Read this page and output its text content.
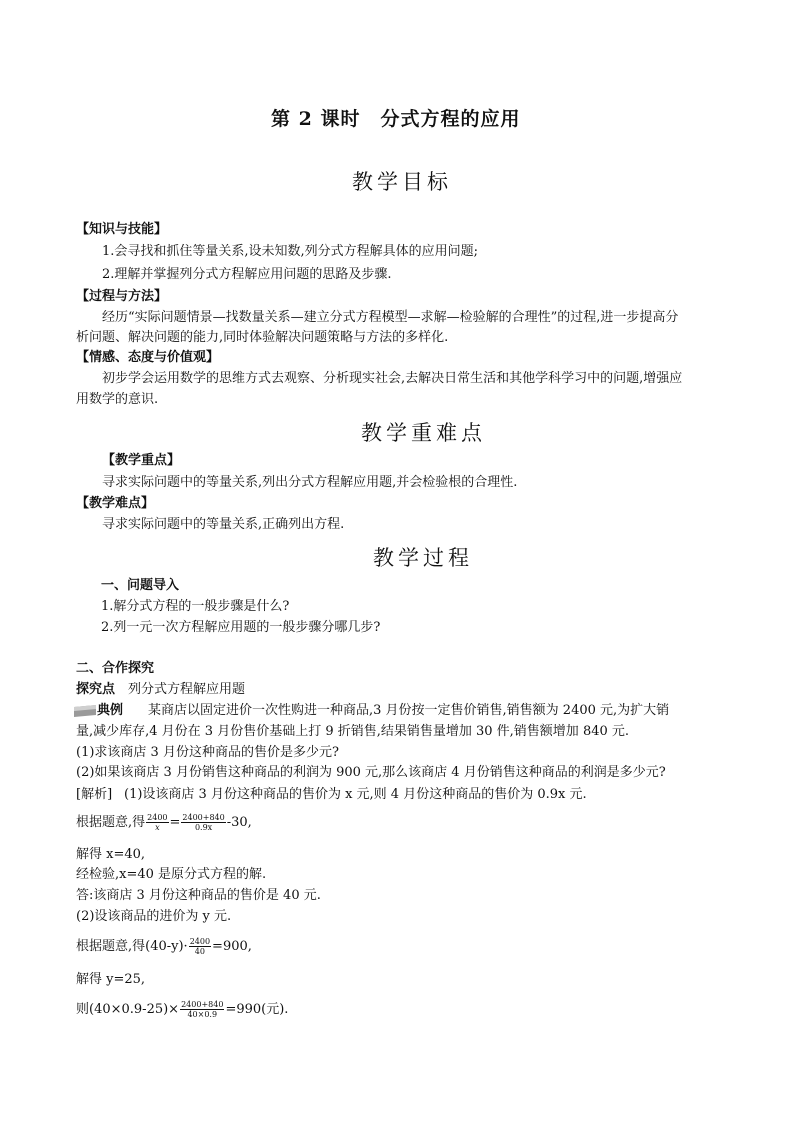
第 2 课时　分式方程的应用
教学目标
【知识与技能】
1.会寻找和抓住等量关系,设未知数,列分式方程解具体的应用问题;
2.理解并掌握列分式方程解应用问题的思路及步骤.
【过程与方法】
经历“实际问题情景—找数量关系—建立分式方程模型—求解—检验解的合理性”的过程,进一步提高分
析问题、解决问题的能力,同时体验解决问题策略与方法的多样化.
【情感、态度与价值观】
初步学会运用数学的思维方式去观察、分析现实社会,去解决日常生活和其他学科学习中的问题,增强应
用数学的意识.
教学重难点
【教学重点】
寻求实际问题中的等量关系,列出分式方程解应用题,并会检验根的合理性.
【教学难点】
寻求实际问题中的等量关系,正确列出方程.
教学过程
一、问题导入
1.解分式方程的一般步骤是什么?
2.列一元一次方程解应用题的一般步骤分哪几步?
二、合作探究
探究点 列分式方程解应用题
典例 某商店以固定进价一次性购进一种商品,3 月份按一定售价销售,销售额为 2400 元,为扩大销
量,减少库存,4 月份在 3 月份售价基础上打 9 折销售,结果销售量增加 30 件,销售额增加 840 元.
(1)求该商店 3 月份这种商品的售价是多少元?
(2)如果该商店 3 月份销售这种商品的利润为 900 元,那么该商店 4 月份销售这种商品的利润是多少元?
[解析] (1)设该商店 3 月份这种商品的售价为 x 元,则 4 月份这种商品的售价为 0.9x 元.
根据题意,得 $\frac{2400}{x} = \frac{2400+840}{0.9x} -30$,
解得 x=40,
经检验,x=40 是原分式方程的解.
答:该商店 3 月份这种商品的售价是 40 元.
(2)设该商品的进价为 y 元.
根据题意,得$(40-y)\cdot \frac{2400}{40} =900$,
解得 y=25,
则$(40\times 0.9-25)\times \frac{2400+840}{40\times 0.9} =990$(元).
